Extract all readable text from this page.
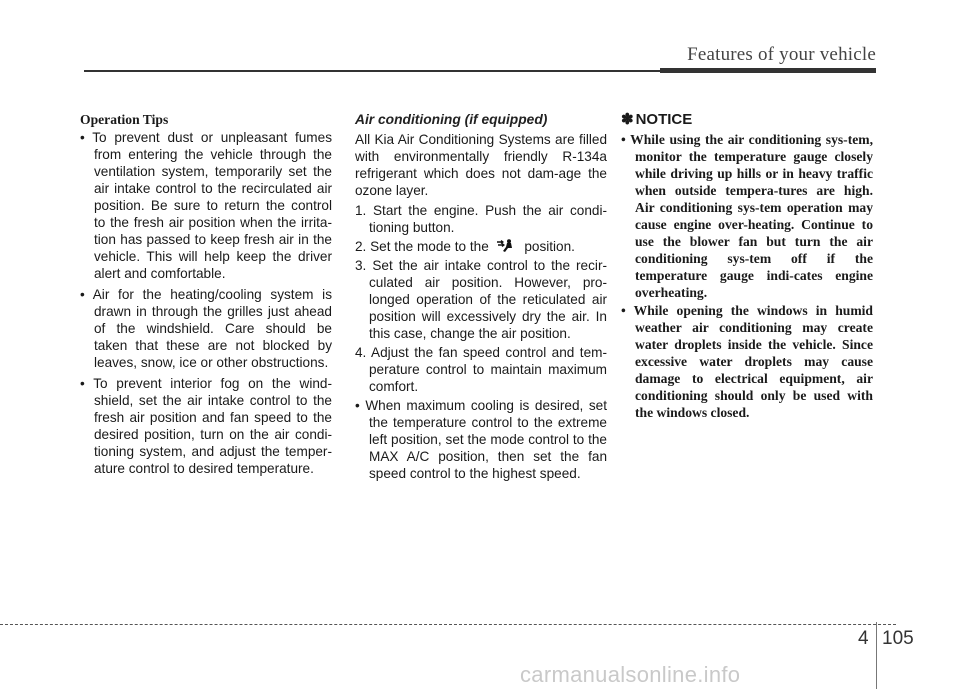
Features of your vehicle
Operation Tips
• To prevent dust or unpleasant fumes from entering the vehicle through the ventilation system, temporarily set the air intake control to the recirculated air position. Be sure to return the control to the fresh air position when the irrita-tion has passed to keep fresh air in the vehicle. This will help keep the driver alert and comfortable.
• Air for the heating/cooling system is drawn in through the grilles just ahead of the windshield. Care should be taken that these are not blocked by leaves, snow, ice or other obstructions.
• To prevent interior fog on the wind-shield, set the air intake control to the fresh air position and fan speed to the desired position, turn on the air condi-tioning system, and adjust the temper-ature control to desired temperature.
Air conditioning (if equipped)
All Kia Air Conditioning Systems are filled with environmentally friendly R-134a refrigerant which does not dam-age the ozone layer.
1. Start the engine. Push the air condi-tioning button.
2. Set the mode to the	position.
3. Set the air intake control to the recir-culated air position. However, pro-longed operation of the reticulated air position will excessively dry the air. In this case, change the air position.
4. Adjust the fan speed control and tem-perature control to maintain maximum comfort.
• When maximum cooling is desired, set the temperature control to the extreme left position, set the mode control to the MAX A/C position, then set the fan speed control to the highest speed.
✽ NOTICE
• While using the air conditioning sys-tem, monitor the temperature gauge closely while driving up hills or in heavy traffic when outside tempera-tures are high. Air conditioning sys-tem operation may cause engine over-heating. Continue to use the blower fan but turn the air conditioning sys-tem off if the temperature gauge indi-cates engine overheating.
• While opening the windows in humid weather air conditioning may create water droplets inside the vehicle. Since excessive water droplets may cause damage to electrical equipment, air conditioning should only be used with the windows closed.
4 105
carmanualsonline.info
